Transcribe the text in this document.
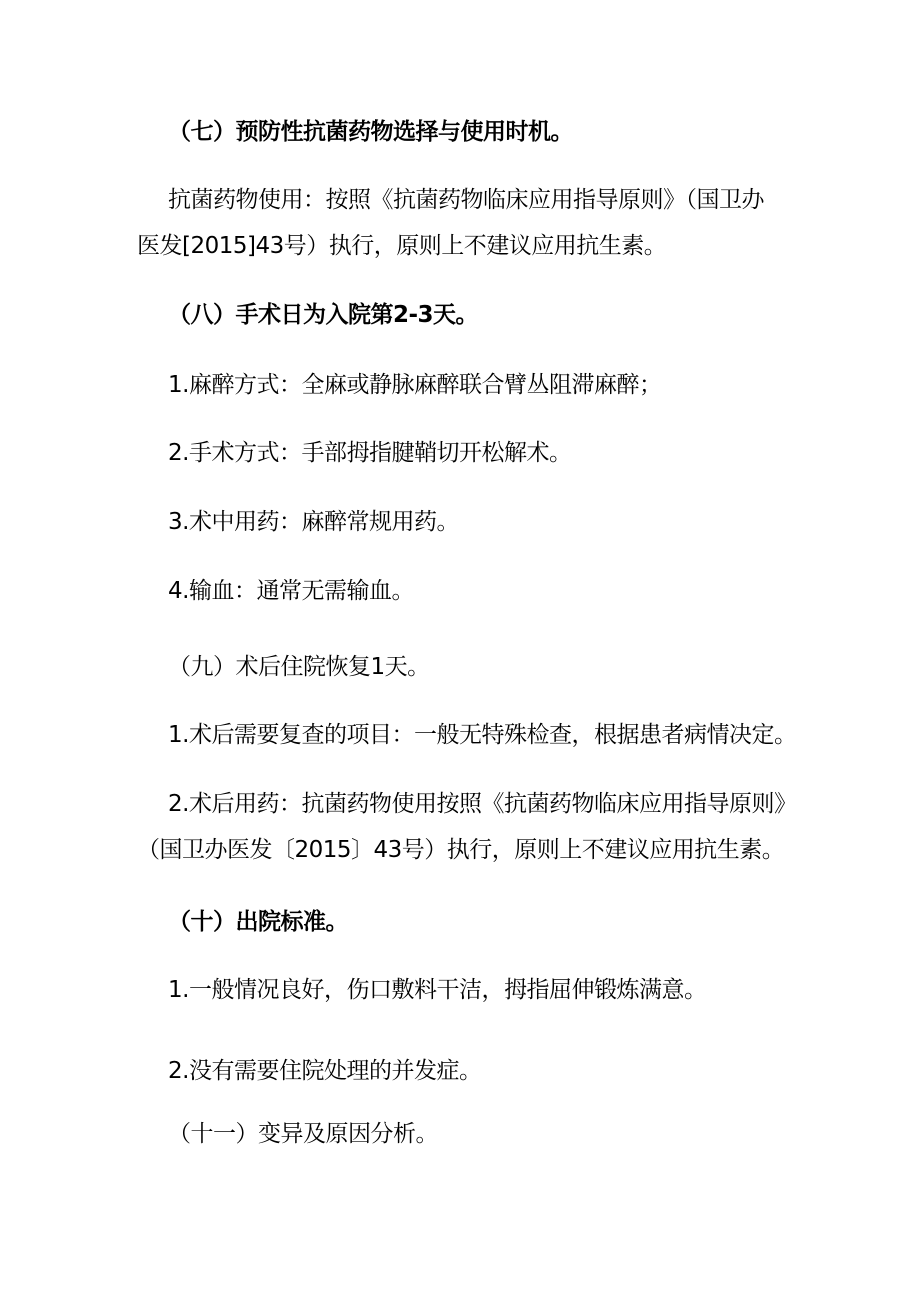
（七）预防性抗菌药物选择与使用时机。
抗菌药物使用：按照《抗菌药物临床应用指导原则》（国卫办
医发[2015]43号）执行，原则上不建议应用抗生素。
（八）手术日为入院第2-3天。
1.麻醉方式：全麻或静脉麻醉联合臂丛阻滞麻醉；
2.手术方式：手部拇指腱鞘切开松解术。
3.术中用药：麻醉常规用药。
4.输血：通常无需输血。
（九）术后住院恢复1天。
1.术后需要复查的项目：一般无特殊检查，根据患者病情决定。
2.术后用药：抗菌药物使用按照《抗菌药物临床应用指导原则》
（国卫办医发〔2015〕43号）执行，原则上不建议应用抗生素。
（十）出院标准。
1.一般情况良好，伤口敷料干洁，拇指屈伸锻炼满意。
2.没有需要住院处理的并发症。
（十一）变异及原因分析。
